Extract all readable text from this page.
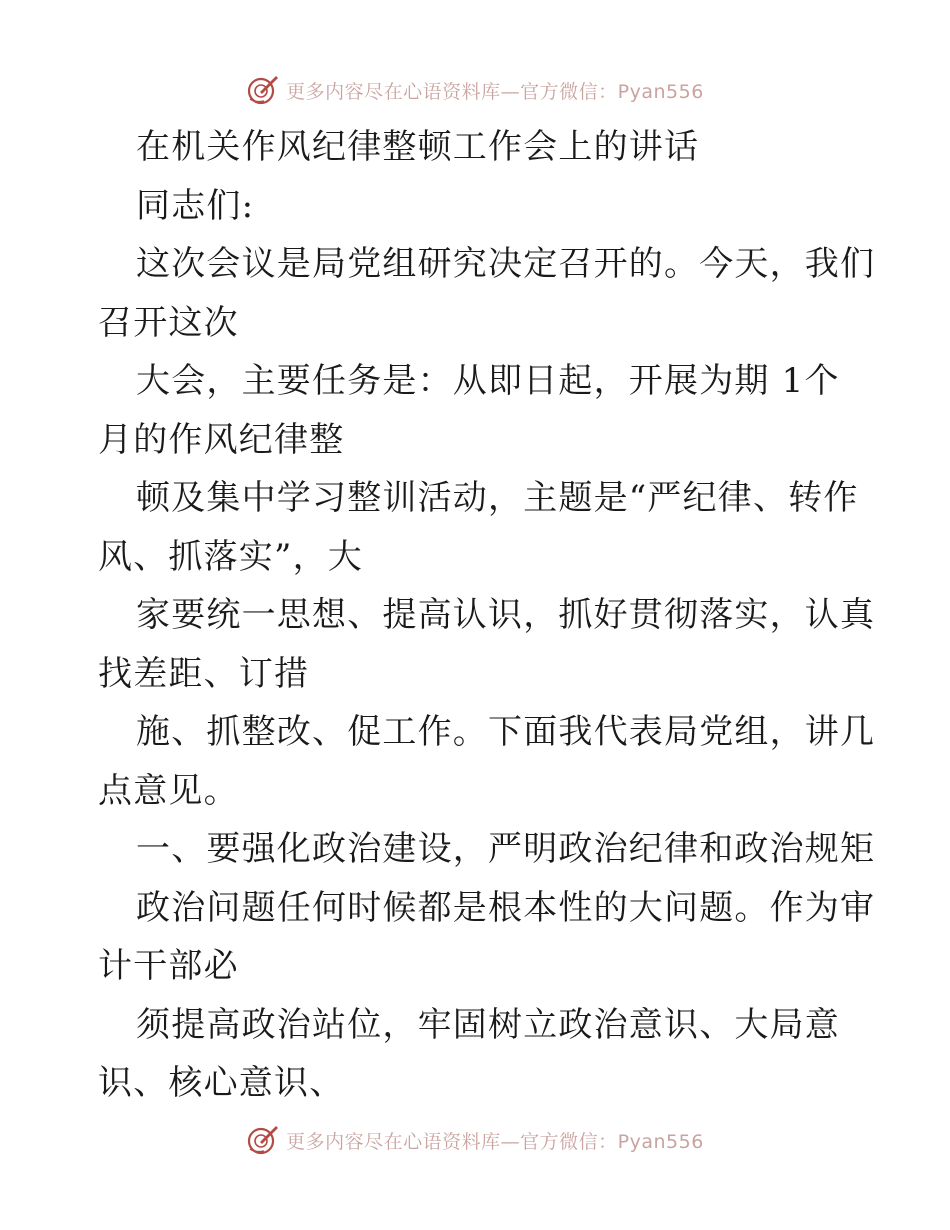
更多内容尽在心语资料库—官方微信：Pyan556
在机关作风纪律整顿工作会上的讲话
同志们:
这次会议是局党组研究决定召开的。今天，我们
召开这次
大会，主要任务是：从即日起，开展为期 1个
月的作风纪律整
顿及集中学习整训活动，主题是“严纪律、转作
风、抓落实”，大
家要统一思想、提高认识，抓好贯彻落实，认真
找差距、订措
施、抓整改、促工作。下面我代表局党组，讲几
点意见。
一、要强化政治建设，严明政治纪律和政治规矩
政治问题任何时候都是根本性的大问题。作为审
计干部必
须提高政治站位，牢固树立政治意识、大局意
识、核心意识、
更多内容尽在心语资料库—官方微信：Pyan556
